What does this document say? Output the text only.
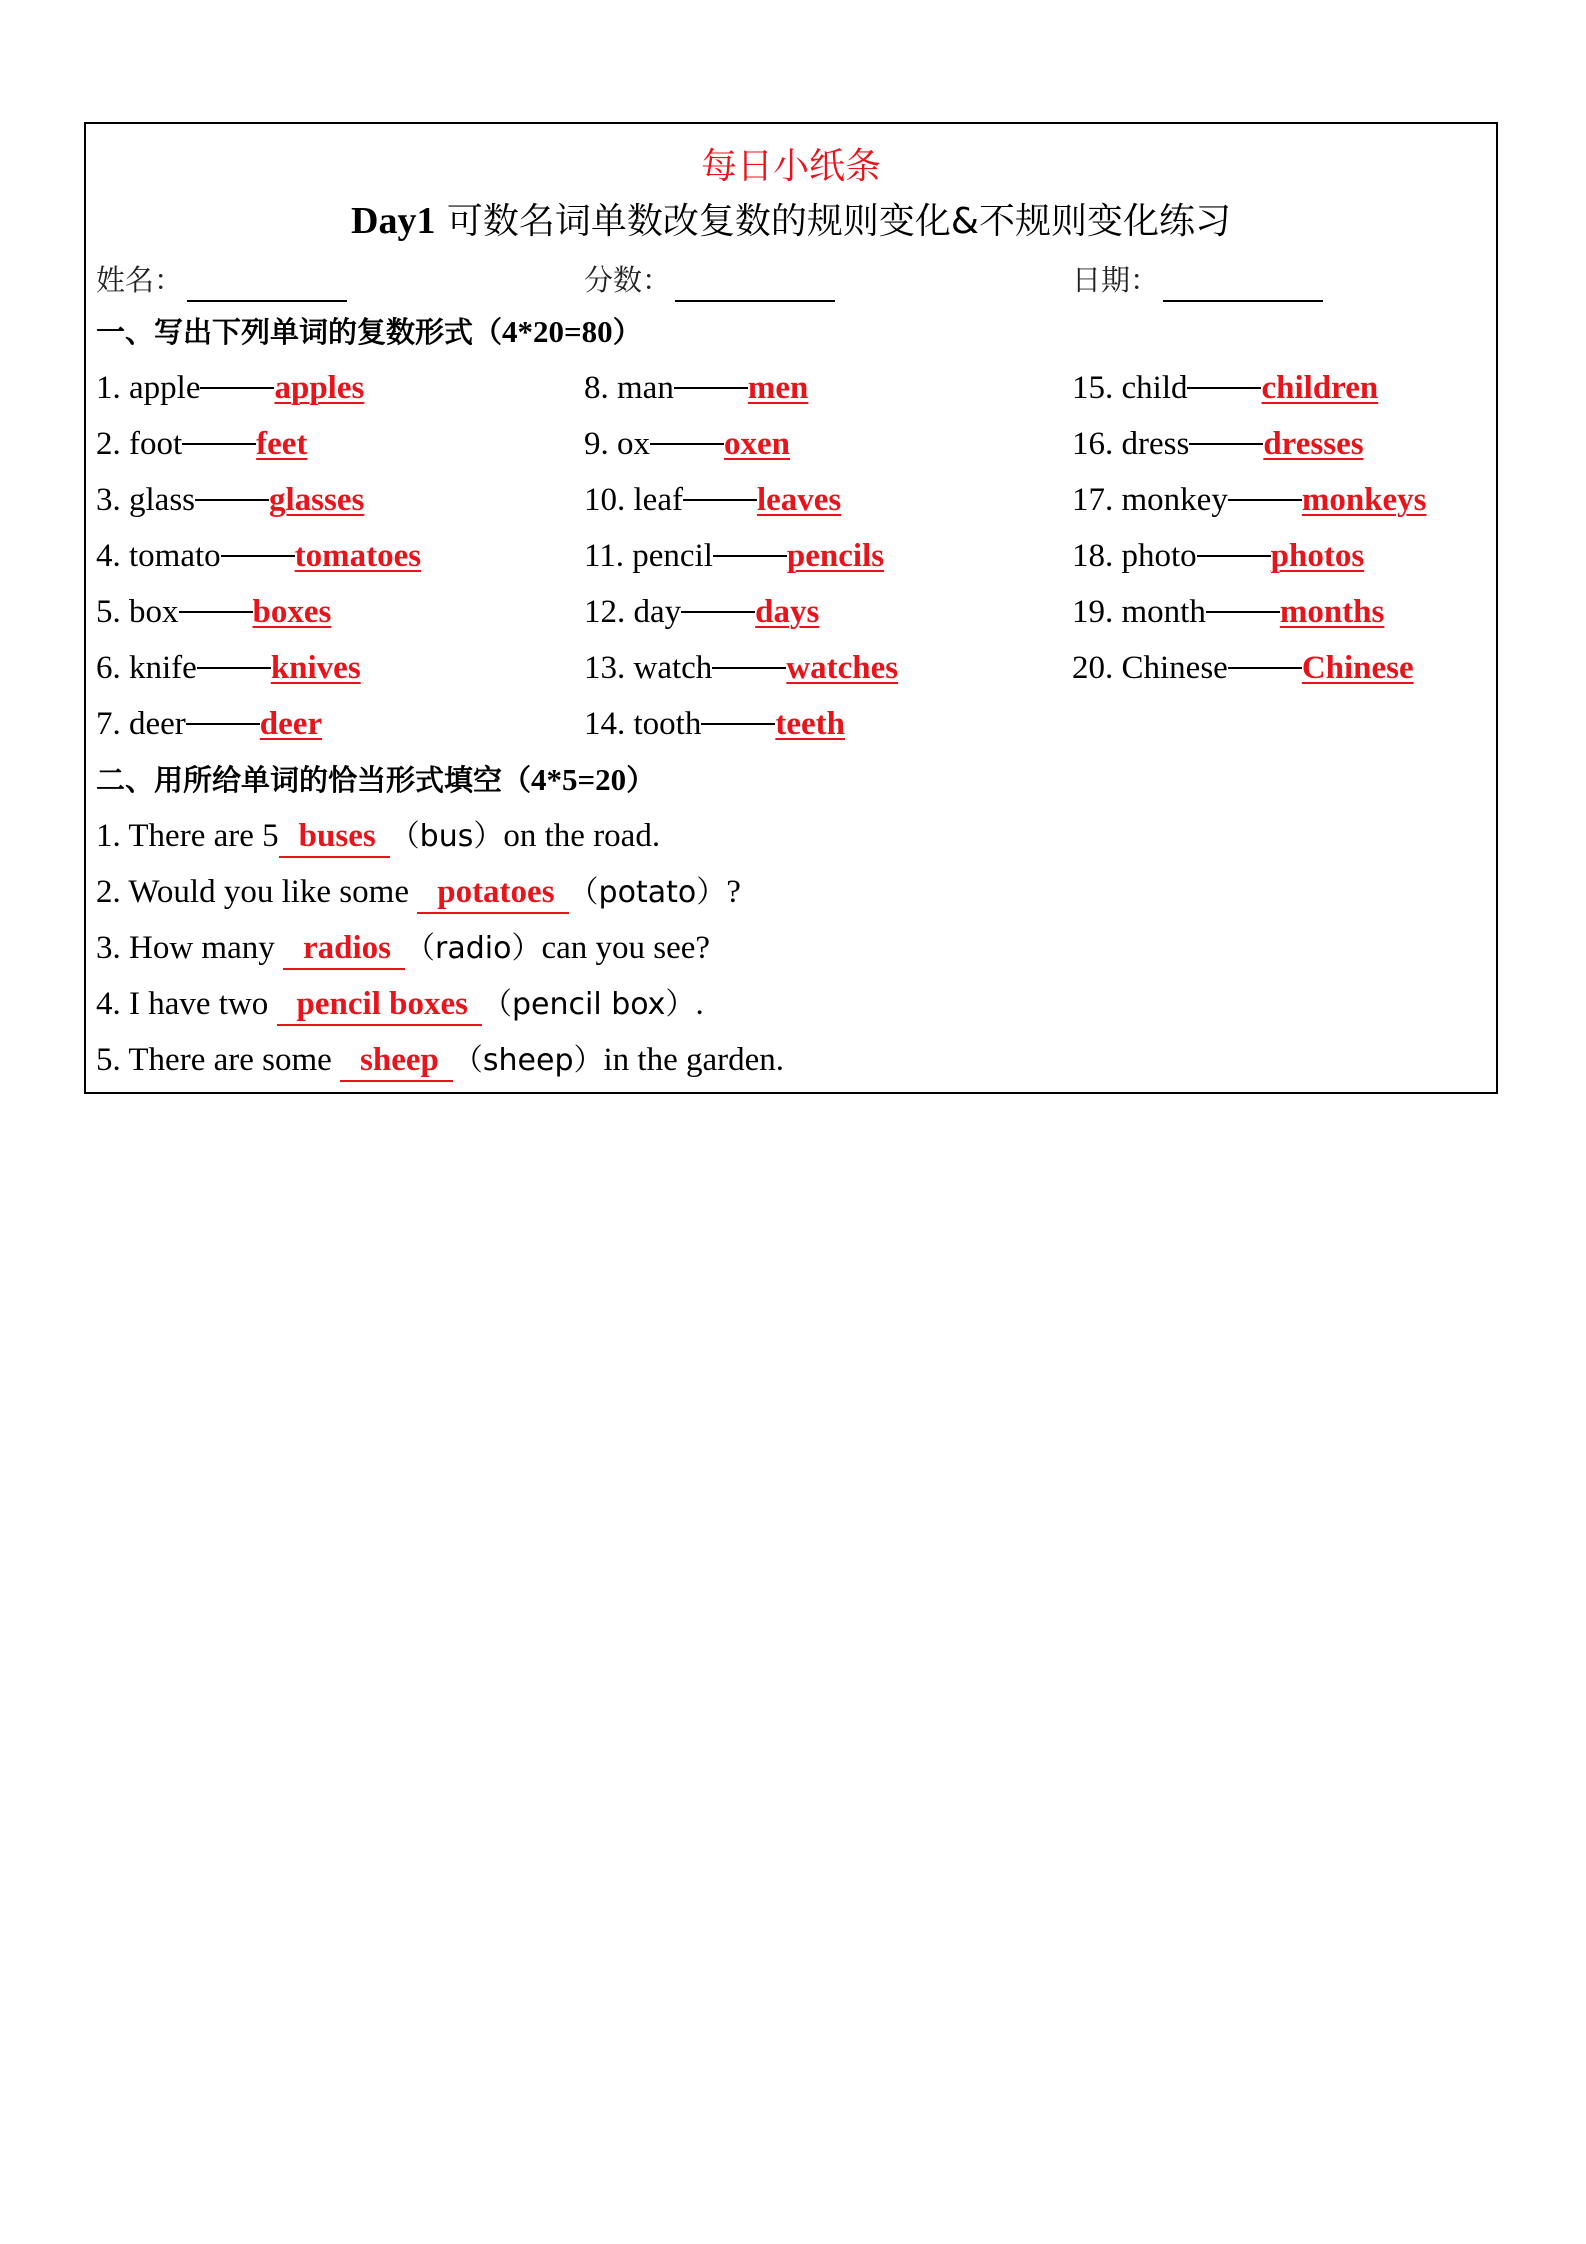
每日小纸条
Day1 可数名词单数改复数的规则变化&不规则变化练习
姓名：	分数：	日期：
一、写出下列单词的复数形式（4*20=80）
1. apple apples
2. foot feet
3. glass glasses
4. tomato tomatoes
5. box boxes
6. knife knives
7. deer deer
8. man men
9. ox oxen
10. leaf leaves
11. pencil pencils
12. day days
13. watch watches
14. tooth teeth
15. child children
16. dress dresses
17. monkey monkeys
18. photo photos
19. month months
20. Chinese Chinese
二、用所给单词的恰当形式填空（4*5=20）
1. There are 5 buses （bus）on the road.
2. Would you like some potatoes （potato）?
3. How many radios （radio）can you see?
4. I have two pencil boxes （pencil box）.
5. There are some sheep （sheep）in the garden.
